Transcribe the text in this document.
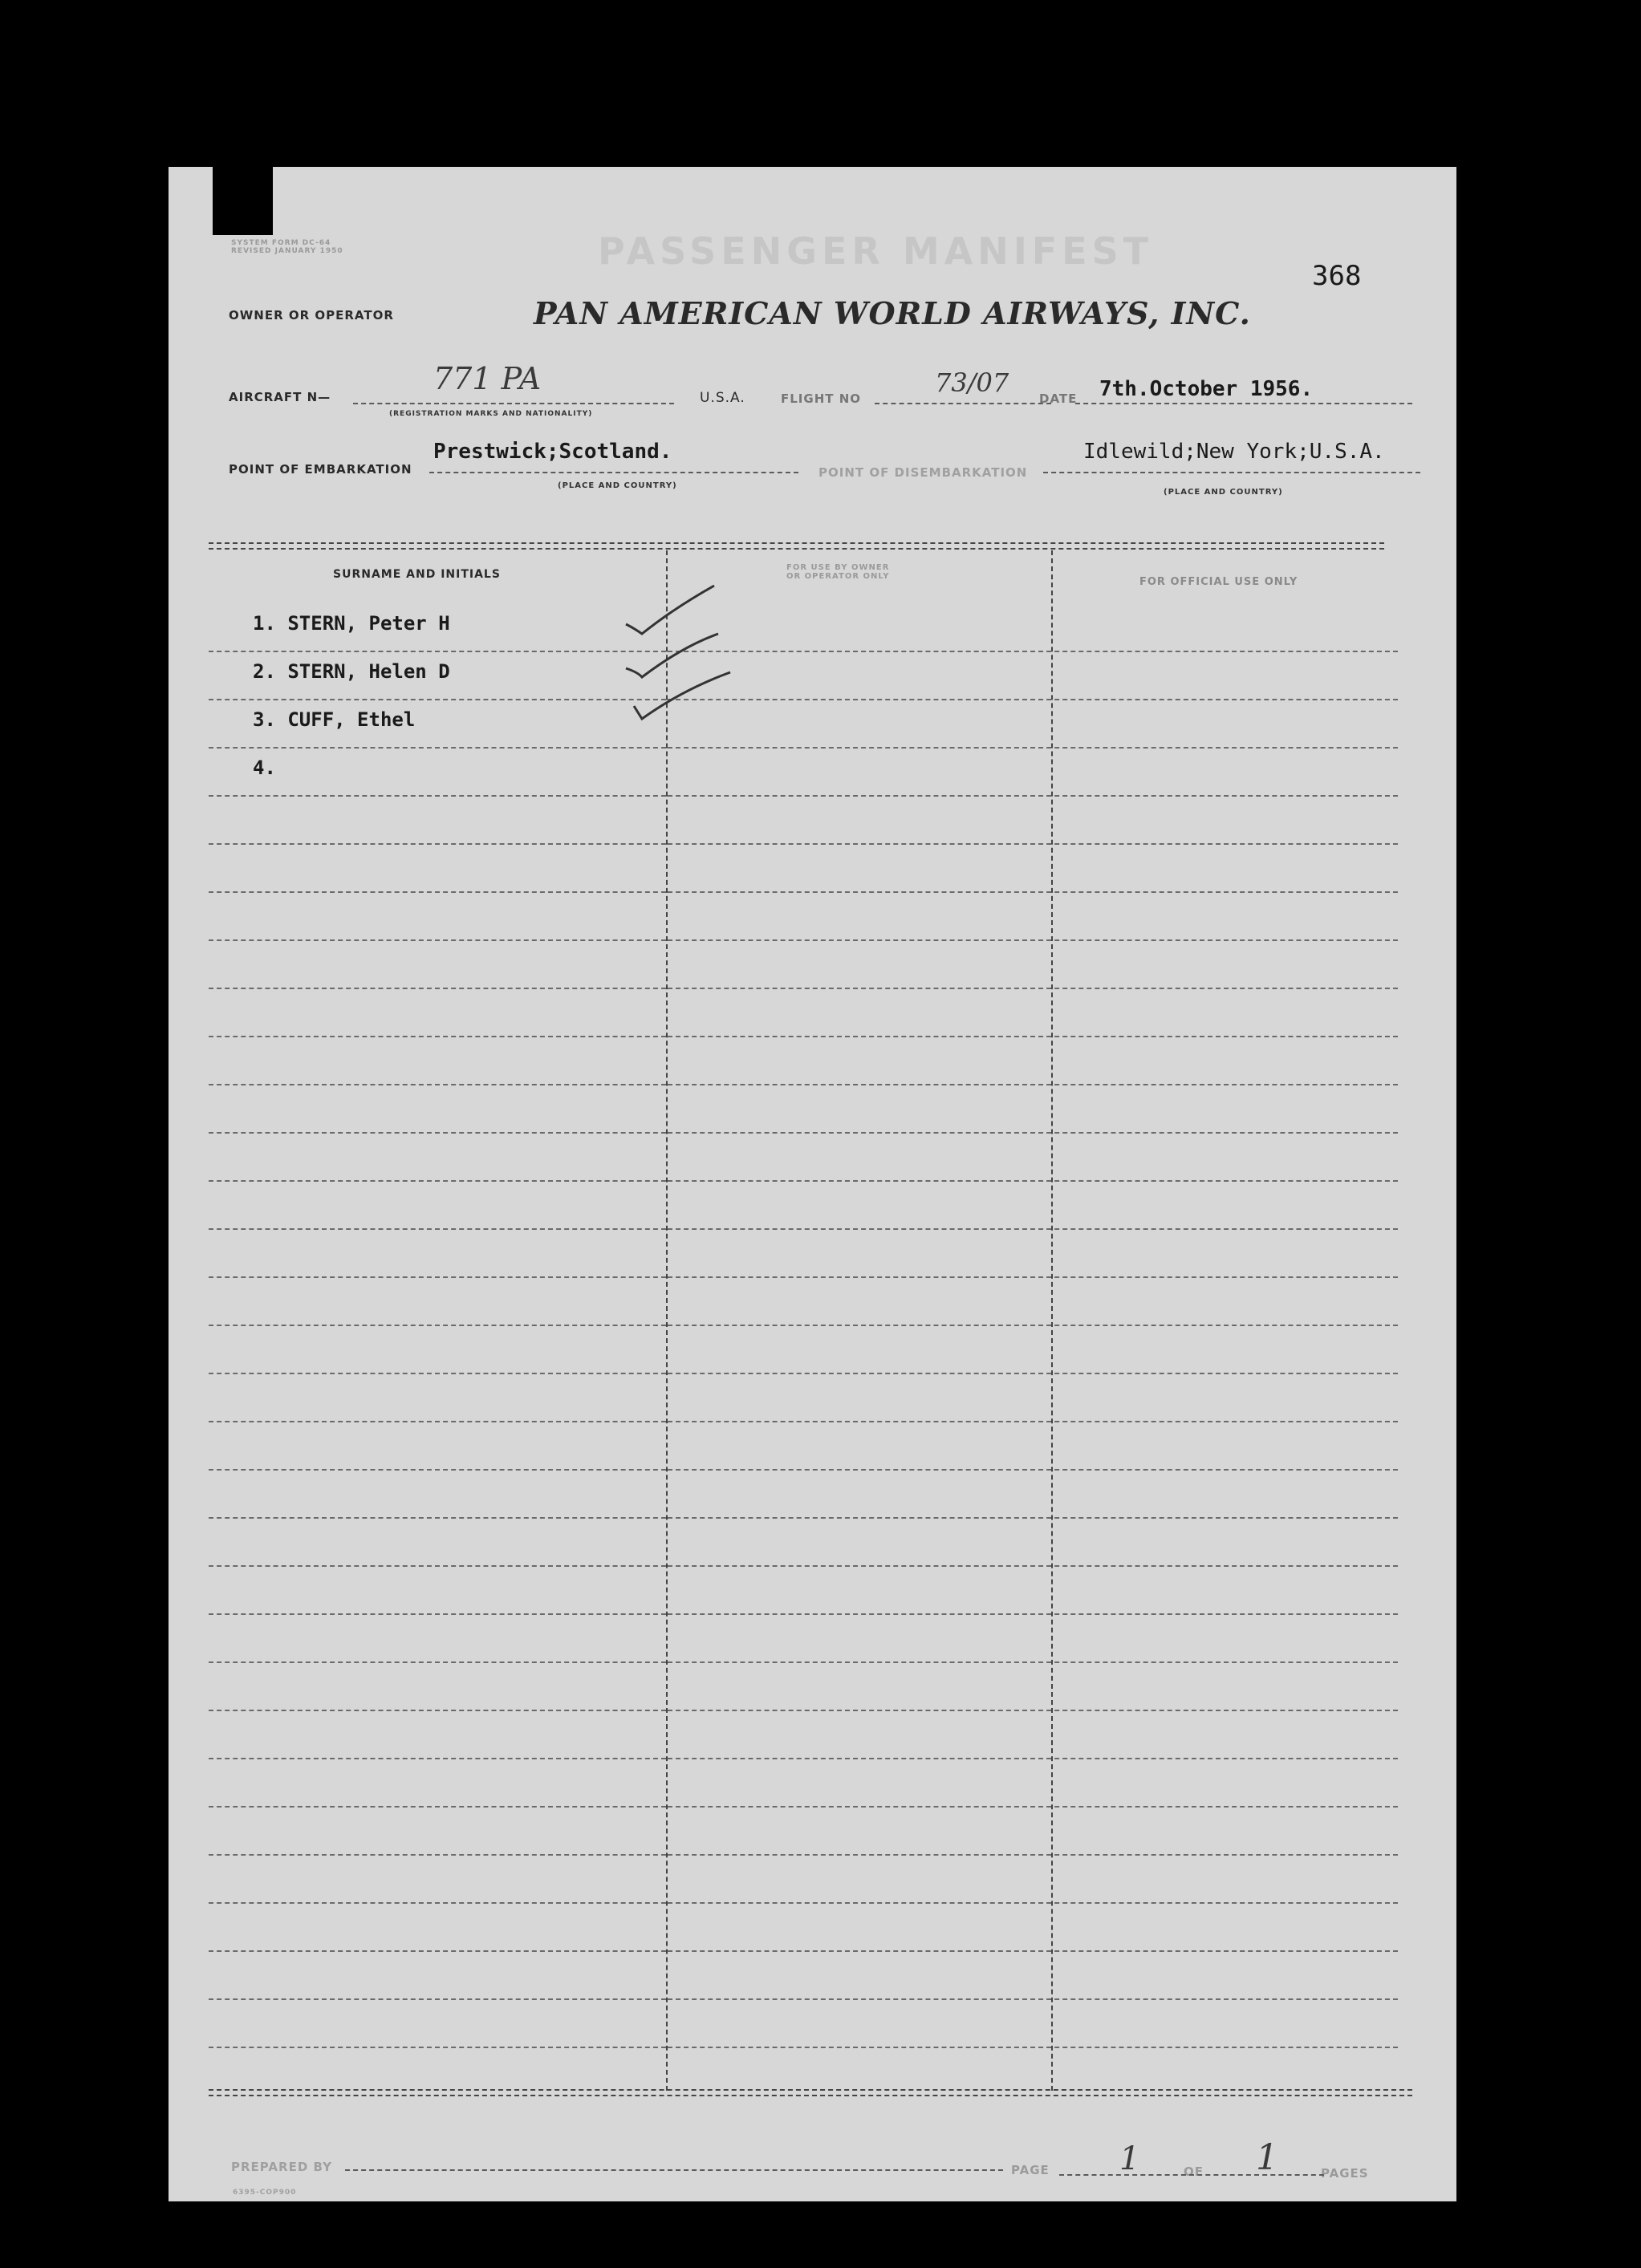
SYSTEM FORM DC-64
REVISED JANUARY 1950	PASSENGER MANIFEST
368
OWNER OR OPERATOR	PAN AMERICAN WORLD AIRWAYS, INC.
AIRCRAFT N—
771 PA
(REGISTRATION MARKS AND NATIONALITY)
U.S.A.	FLIGHT NO
73/07
DATE 7th.October 1956.
POINT OF EMBARKATION
Prestwick;Scotland.
(PLACE AND COUNTRY)
POINT OF DISEMBARKATION
Idlewild;New York;U.S.A.
(PLACE AND COUNTRY)
SURNAME AND INITIALS
FOR USE BY OWNER
OR OPERATOR ONLY	FOR OFFICIAL USE ONLY
1. STERN, Peter H
2. STERN, Helen D
3. CUFF, Ethel
4.
PREPARED BY	PAGE 1	OF 1	PAGES
6395-COP900
